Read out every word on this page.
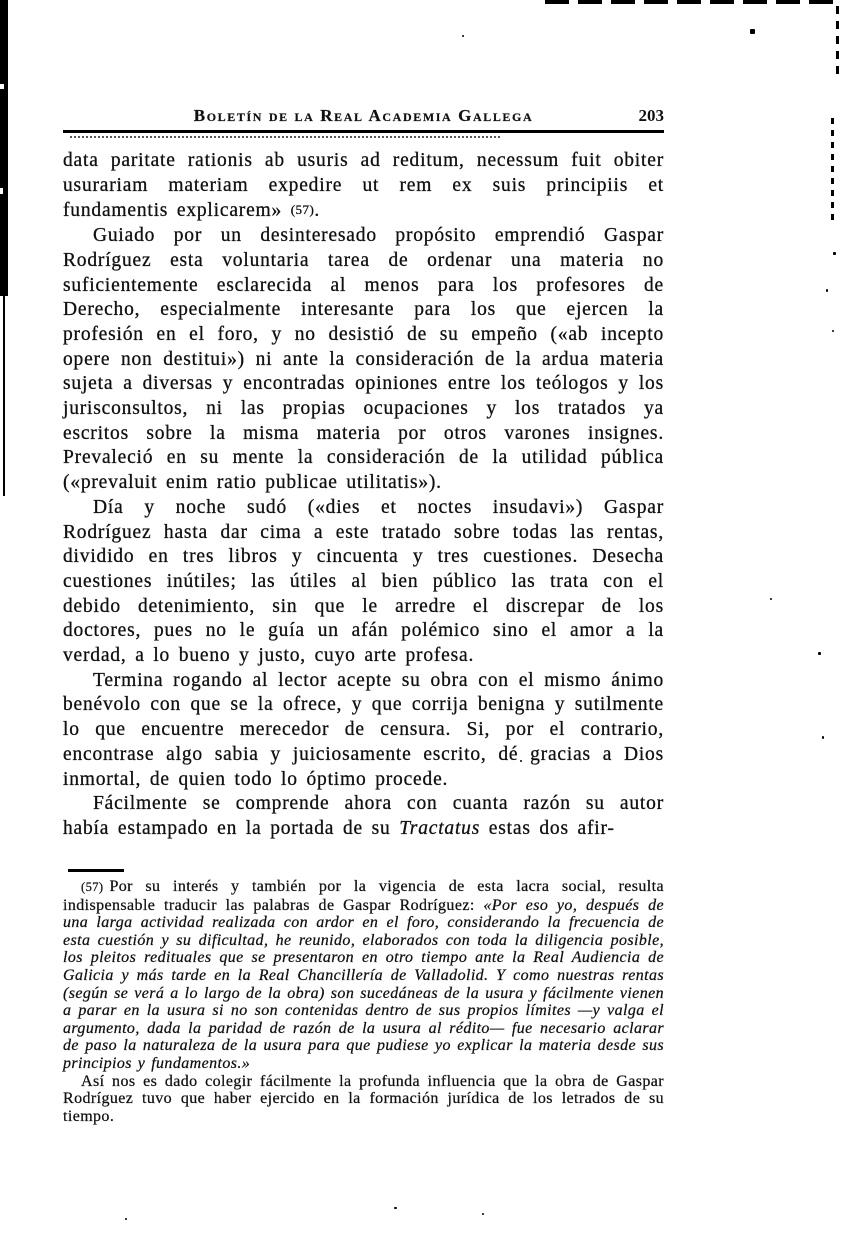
Boletín de la Real Academia Gallega	203

data paritate rationis ab usuris ad reditum, necessum fuit obiter usurariam materiam expedire ut rem ex suis principiis et fundamentis explicarem» (57).

Guiado por un desinteresado propósito emprendió Gaspar Rodríguez esta voluntaria tarea de ordenar una materia no suficientemente esclarecida al menos para los profesores de Derecho, especialmente interesante para los que ejercen la profesión en el foro, y no desistió de su empeño («ab incepto opere non destitui») ni ante la consideración de la ardua materia sujeta a diversas y encontradas opiniones entre los teólogos y los jurisconsultos, ni las propias ocupaciones y los tratados ya escritos sobre la misma materia por otros varones insignes. Prevaleció en su mente la consideración de la utilidad pública («prevaluit enim ratio publicae utilitatis»).

Día y noche sudó («dies et noctes insudavi») Gaspar Rodríguez hasta dar cima a este tratado sobre todas las rentas, dividido en tres libros y cincuenta y tres cuestiones. Desecha cuestiones inútiles; las útiles al bien público las trata con el debido detenimiento, sin que le arredre el discrepar de los doctores, pues no le guía un afán polémico sino el amor a la verdad, a lo bueno y justo, cuyo arte profesa.

Termina rogando al lector acepte su obra con el mismo ánimo benévolo con que se la ofrece, y que corrija benigna y sutilmente lo que encuentre merecedor de censura. Si, por el contrario, encontrase algo sabia y juiciosamente escrito, dé gracias a Dios inmortal, de quien todo lo óptimo procede.

Fácilmente se comprende ahora con cuanta razón su autor había estampado en la portada de su Tractatus estas dos afir-

(57) Por su interés y también por la vigencia de esta lacra social, resulta indispensable traducir las palabras de Gaspar Rodríguez: «Por eso yo, después de una larga actividad realizada con ardor en el foro, considerando la frecuencia de esta cuestión y su dificultad, he reunido, elaborados con toda la diligencia posible, los pleitos redituales que se presentaron en otro tiempo ante la Real Audiencia de Galicia y más tarde en la Real Chancillería de Valladolid. Y como nuestras rentas (según se verá a lo largo de la obra) son sucedáneas de la usura y fácilmente vienen a parar en la usura si no son contenidas dentro de sus propios límites —y valga el argumento, dada la paridad de razón de la usura al rédito— fue necesario aclarar de paso la naturaleza de la usura para que pudiese yo explicar la materia desde sus principios y fundamentos.»

Así nos es dado colegir fácilmente la profunda influencia que la obra de Gaspar Rodríguez tuvo que haber ejercido en la formación jurídica de los letrados de su tiempo.
